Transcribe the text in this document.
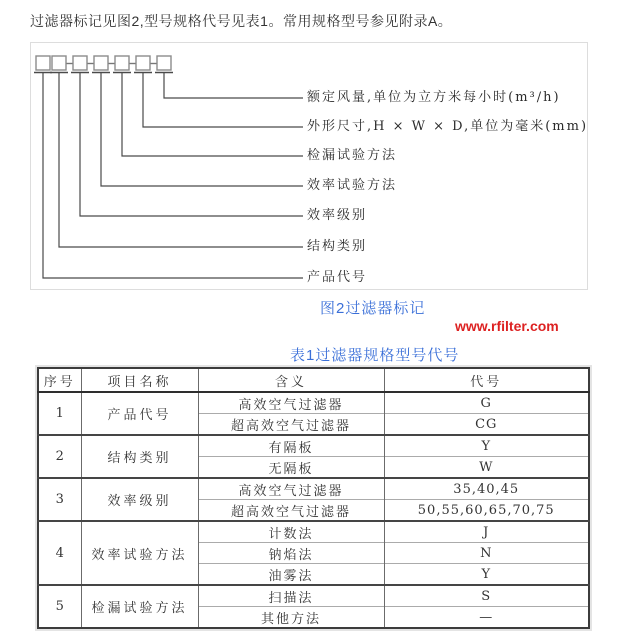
过滤器标记见图2,型号规格代号见表1。常用规格型号参见附录A。
额定风量,单位为立方米每小时(m³/h)
外形尺寸,H × W × D,单位为毫米(mm)
检漏试验方法
效率试验方法
效率级别
结构类别
产品代号
图2过滤器标记
www.rfilter.com
表1过滤器规格型号代号
序号	项目名称	含义	代号
1	产品代号	高效空气过滤器	G
		超高效空气过滤器	CG
2	结构类别	有隔板	Y
		无隔板	W
3	效率级别	高效空气过滤器	35,40,45
		超高效空气过滤器	50,55,60,65,70,75
4	效率试验方法	计数法	J
		钠焰法	N
		油雾法	Y
5	检漏试验方法	扫描法	S
		其他方法	—
